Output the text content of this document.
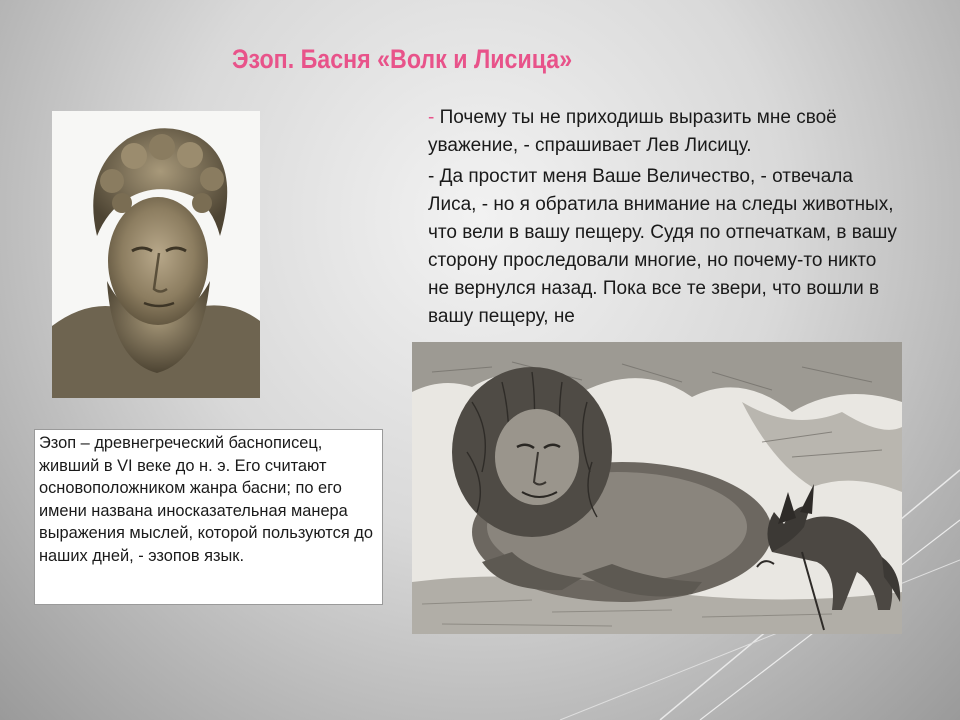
Эзоп. Басня «Волк и Лисица»

- Почему ты не приходишь выразить мне своё уважение, - спрашивает Лев Лисицу.

- Да простит меня Ваше Величество, - отвечала Лиса, - но я обратила внимание на следы животных, что вели в вашу пещеру. Судя по отпечаткам, в вашу сторону проследовали многие, но почему-то никто не вернулся назад. Пока все те звери, что вошли в вашу пещеру, не

Эзоп – древнегреческий баснописец, живший в VI веке до н. э. Его считают основоположником жанра басни; по его имени названа иносказательная манера выражения мыслей, которой пользуются до наших дней, - эзопов язык.
